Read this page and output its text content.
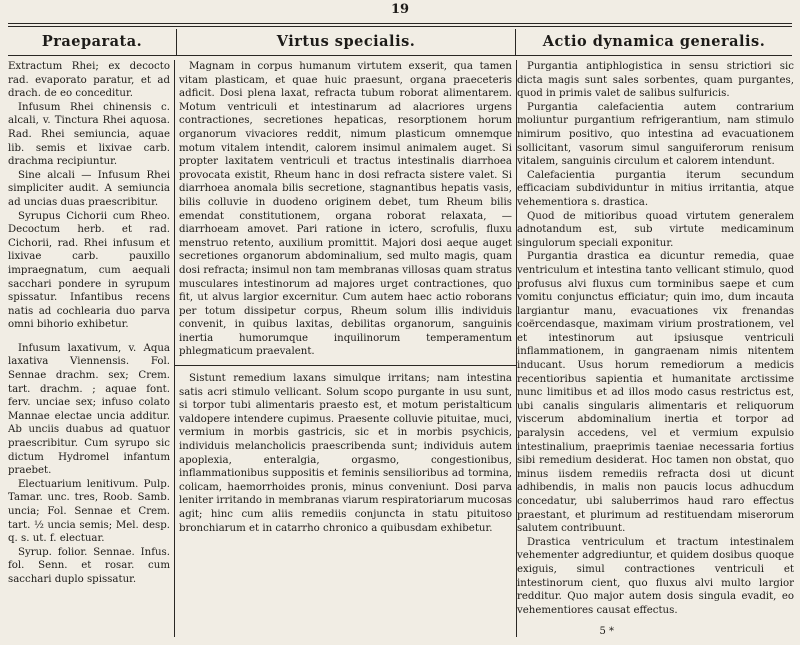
19
Praeparata.	Virtus specialis.	Actio dynamica generalis.

Extractum Rhei; ex decocto rad. evaporato paratur, et ad drach. de eo conceditur.

Infusum Rhei chinensis c. alcali, v. Tinctura Rhei aquosa. Rad. Rhei semiuncia, aquae lib. semis et lixivae carb. drachma recipiuntur.

Sine alcali — Infusum Rhei simpliciter audit. A semiuncia ad uncias duas praescribitur.

Syrupus Cichorii cum Rheo. Decoctum herb. et rad. Cichorii, rad. Rhei infusum et lixivae carb. pauxillo impraegnatum, cum aequali sacchari pondere in syrupum spissatur. Infantibus recens natis ad cochlearia duo parva omni bihorio exhibetur.

Infusum laxativum, v. Aqua laxativa Viennensis. Fol. Sennae drachm. sex; Crem. tart. drachm. ; aquae font. ferv. unciae sex; infuso colato Mannae electae uncia additur. Ab unciis duabus ad quatuor praescribitur. Cum syrupo sic dictum Hydromel infantum praebet.

Electuarium lenitivum. Pulp. Tamar. unc. tres, Roob. Samb. uncia; Fol. Sennae et Crem. tart. ½ uncia semis; Mel. desp. q. s. ut. f. electuar.

Syrup. folior. Sennae. Infus. fol. Senn. et rosar. cum sacchari duplo spissatur.

Magnam in corpus humanum virtutem exserit, qua tamen vitam plasticam, et quae huic praesunt, organa praeceteris adficit. Dosi plena laxat, refracta tubum roborat alimentarem. Motum ventriculi et intestinarum ad alacriores urgens contractiones, secretiones hepaticas, resorptionem horum organorum vivaciores reddit, nimum plasticum omnemque motum vitalem intendit, calorem insimul animalem auget. Si propter laxitatem ventriculi et tractus intestinalis diarrhoea provocata existit, Rheum hanc in dosi refracta sistere valet. Si diarrhoea anomala bilis secretione, stagnantibus hepatis vasis, bilis colluvie in duodeno originem debet, tum Rheum bilis emendat constitutionem, organa roborat relaxata, — diarrhoeam amovet. Pari ratione in ictero, scrofulis, fluxu menstruo retento, auxilium promittit. Majori dosi aeque auget secretiones organorum abdominalium, sed multo magis, quam dosi refracta; insimul non tam membranas villosas quam stratus musculares intestinorum ad majores urget contractiones, quo fit, ut alvus largior excernitur. Cum autem haec actio roborans per totum dissipetur corpus, Rheum solum illis individuis convenit, in quibus laxitas, debilitas organorum, sanguinis inertia humorumque inquilinorum temperamentum phlegmaticum praevalent.

Sistunt remedium laxans simulque irritans; nam intestina satis acri stimulo vellicant. Solum scopo purgante in usu sunt, si torpor tubi alimentaris praesto est, et motum peristalticum valdopere intendere cupimus. Praesente colluvie pituitae, muci, vermium in morbis gastricis, sic et in morbis psychicis, individuis melancholicis praescribenda sunt; individuis autem apoplexia, enteralgia, orgasmo, congestionibus, inflammationibus suppositis et feminis sensilioribus ad tormina, colicam, haemorrhoides pronis, minus conveniunt. Dosi parva leniter irritando in membranas viarum respiratoriarum mucosas agit; hinc cum aliis remediis conjuncta in statu pituitoso bronchiarum et in catarrho chronico a quibusdam exhibetur.

Purgantia antiphlogistica in sensu strictiori sic dicta magis sunt sales sorbentes, quam purgantes, quod in primis valet de salibus sulfuricis.

Purgantia calefacientia autem contrarium moliuntur purgantium refrigerantium, nam stimulo nimirum positivo, quo intestina ad evacuationem sollicitant, vasorum simul sanguiferorum renisum vitalem, sanguinis circulum et calorem intendunt.

Calefacientia purgantia iterum secundum efficaciam subdividuntur in mitius irritantia, atque vehementiora s. drastica.

Quod de mitioribus quoad virtutem generalem adnotandum est, sub virtute medicaminum singulorum speciali exponitur.

Purgantia drastica ea dicuntur remedia, quae ventriculum et intestina tanto vellicant stimulo, quod profusus alvi fluxus cum torminibus saepe et cum vomitu conjunctus efficiatur; quin imo, dum incauta largiantur manu, evacuationes vix frenandas coërcendasque, maximam virium prostrationem, vel et intestinorum aut ipsiusque ventriculi inflammationem, in gangraenam nimis nitentem inducant. Usus horum remediorum a medicis recentioribus sapientia et humanitate arctissime nunc limitibus et ad illos modo casus restrictus est, ubi canalis singularis alimentaris et reliquorum viscerum abdominalium inertia et torpor ad paralysin accedens, vel et vermium expulsio intestinalium, praeprimis taeniae necessaria fortius sibi remedium desiderat. Hoc tamen non obstat, quo minus iisdem remediis refracta dosi ut dicunt adhibendis, in malis non paucis locus adhucdum concedatur, ubi saluberrimos haud raro effectus praestant, et plurimum ad restituendam miserorum salutem contribuunt.

Drastica ventriculum et tractum intestinalem vehementer adgrediuntur, et quidem dosibus quoque exiguis, simul contractiones ventriculi et intestinorum cient, quo fluxus alvi multo largior redditur. Quo major autem dosis singula evadit, eo vehementiores causat effectus.

5 *
